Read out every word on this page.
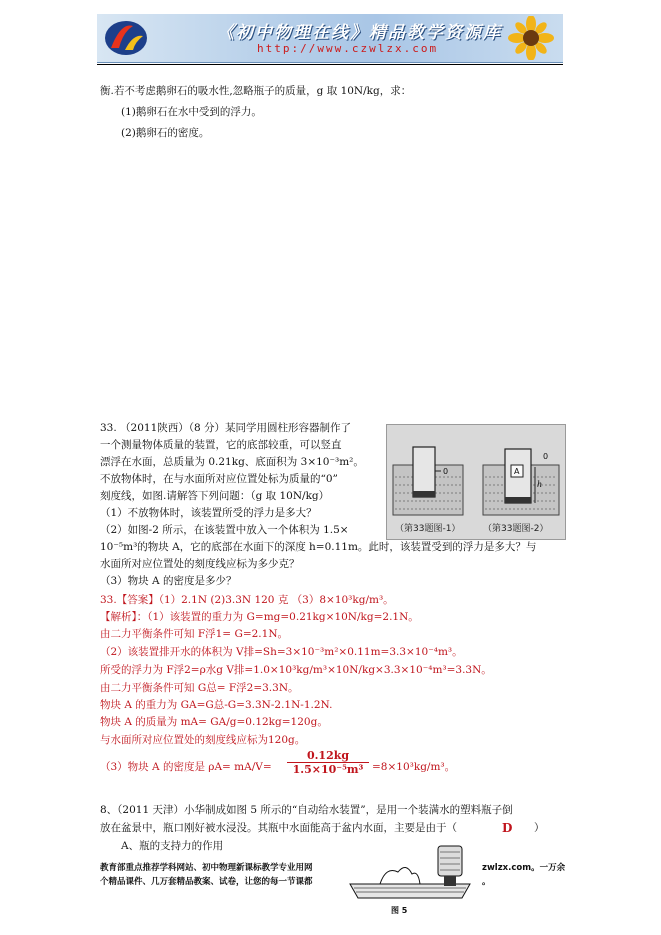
《初中物理在线》精品教学资源库
http://www.czwlzx.com
衡.若不考虑鹅卵石的吸水性,忽略瓶子的质量，g 取 10N/kg，求：
(1)鹅卵石在水中受到的浮力。
(2)鹅卵石的密度。
33. （2011陕西）（8 分）某同学用圆柱形容器制作了
一个测量物体质量的装置，它的底部较重，可以竖直
漂浮在水面，总质量为 0.21kg、底面积为 3×10⁻³m²。
不放物体时，在与水面所对应位置处标为质量的“0”
刻度线，如图.请解答下列问题：（g 取 10N/kg）
（1）不放物体时，该装置所受的浮力是多大？
（2）如图-2 所示，在该装置中放入一个体积为 1.5×
10⁻⁵m³的物块 A，它的底部在水面下的深度 h=0.11m。此时，该装置受到的浮力是多大？与
水面所对应位置处的刻度线应标为多少克？
（3）物块 A 的密度是多少？
0	A
h
0
（第33题图-1）	（第33题图-2）
33.【答案】（1）2.1N (2)3.3N 120 克 （3）8×10³kg/m³。
【解析】：（1）该装置的重力为 G=mg=0.21kg×10N/kg=2.1N。
由二力平衡条件可知 F浮1= G=2.1N。
（2）该装置排开水的体积为 V排=Sh=3×10⁻³m²×0.11m=3.3×10⁻⁴m³。
所受的浮力为 F浮2=ρ水g V排=1.0×10³kg/m³×10N/kg×3.3×10⁻⁴m³=3.3N。
由二力平衡条件可知 G总= F浮2=3.3N。
物块 A 的重力为 GA=G总-G=3.3N-2.1N-1.2N.
物块 A 的质量为 mA= GA/g=0.12kg=120g。
与水面所对应位置处的刻度线应标为120g。
（3）物块 A 的密度是 ρA= mA/V=
0.12kg
1.5×10⁻⁵m³ =8×10³kg/m³。
8、（2011 天津）小华制成如图 5 所示的“自动给水装置”，是用一个装满水的塑料瓶子倒
放在盆景中，瓶口刚好被水浸没。其瓶中水面能高于盆内水面，主要是由于（	D ）
A、瓶的支持力的作用
图 5
教育部重点推荐学科网站、初中物理新课标教学专业用网
个精品课件、几万套精品教案、试卷，让您的每一节课都
zwlzx.com。一万余
。
